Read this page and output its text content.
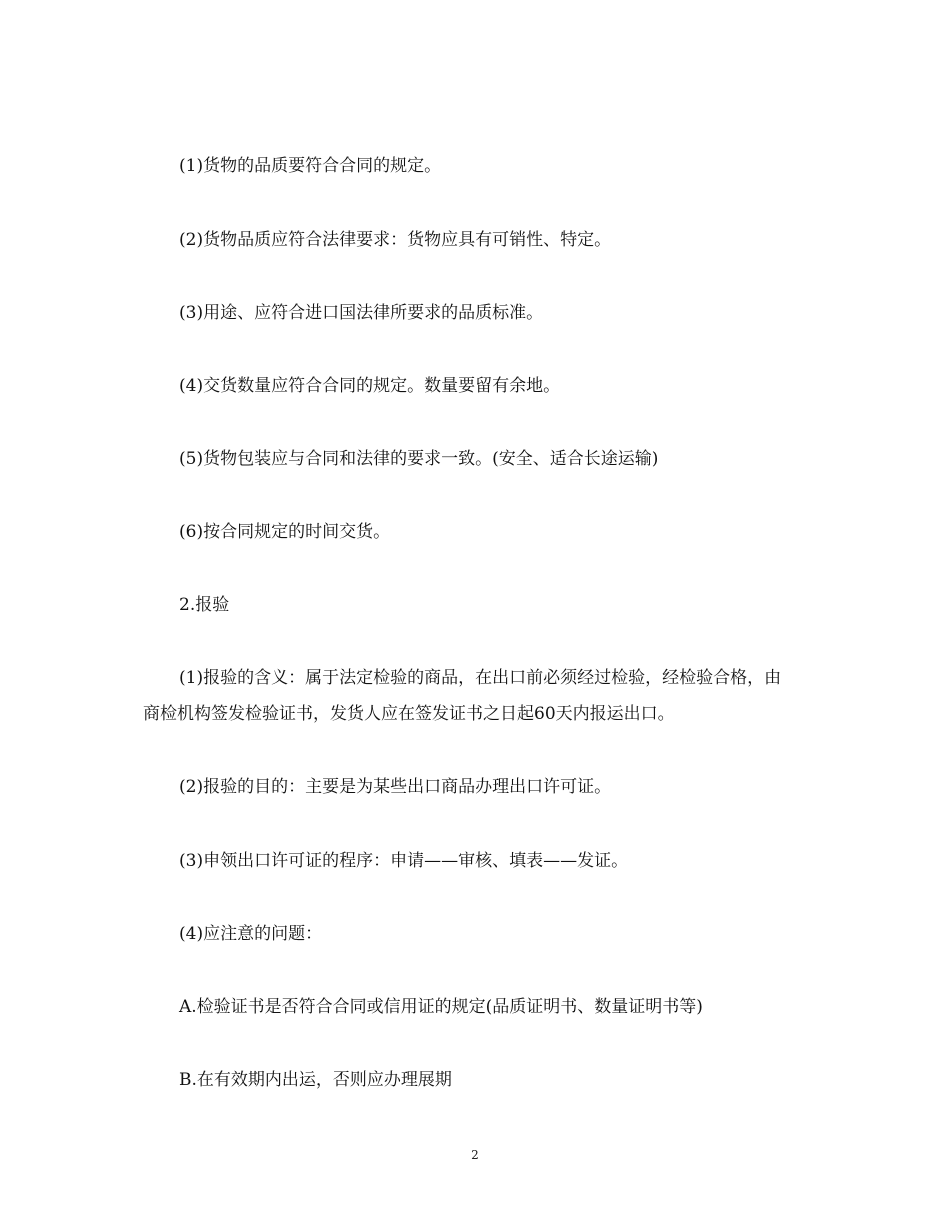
(1)货物的品质要符合合同的规定。
(2)货物品质应符合法律要求：货物应具有可销性、特定。
(3)用途、应符合进口国法律所要求的品质标准。
(4)交货数量应符合合同的规定。数量要留有余地。
(5)货物包装应与合同和法律的要求一致。(安全、适合长途运输)
(6)按合同规定的时间交货。
2.报验
(1)报验的含义：属于法定检验的商品，在出口前必须经过检验，经检验合格，由商检机构签发检验证书，发货人应在签发证书之日起60天内报运出口。
(2)报验的目的：主要是为某些出口商品办理出口许可证。
(3)申领出口许可证的程序：申请——审核、填表——发证。
(4)应注意的问题：
A.检验证书是否符合合同或信用证的规定(品质证明书、数量证明书等)
B.在有效期内出运，否则应办理展期
2
